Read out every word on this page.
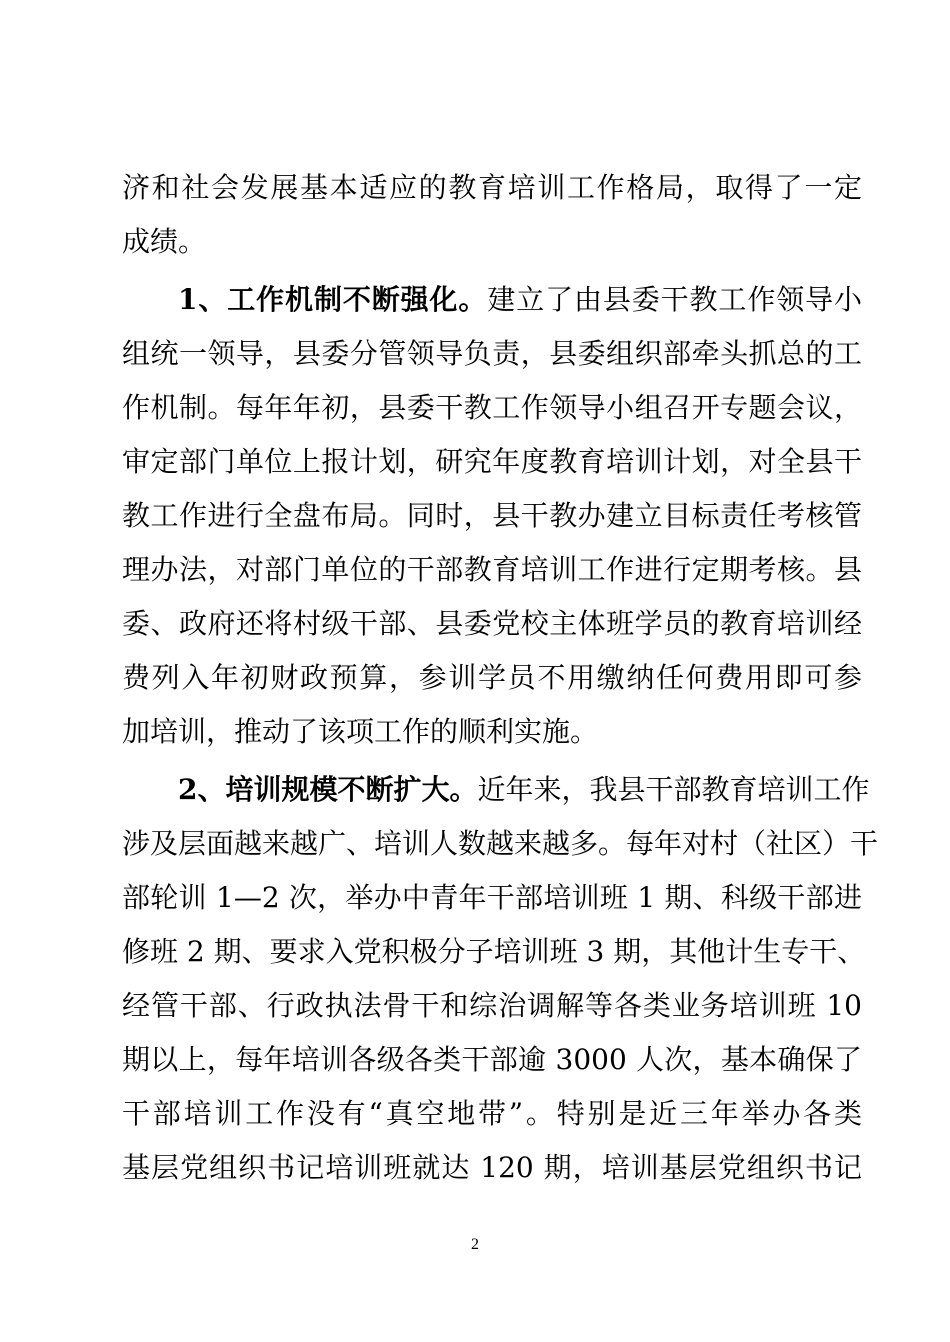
济和社会发展基本适应的教育培训工作格局，取得了一定
成绩。
1、工作机制不断强化。建立了由县委干教工作领导小
组统一领导，县委分管领导负责，县委组织部牵头抓总的工
作机制。每年年初，县委干教工作领导小组召开专题会议，
审定部门单位上报计划，研究年度教育培训计划，对全县干
教工作进行全盘布局。同时，县干教办建立目标责任考核管
理办法，对部门单位的干部教育培训工作进行定期考核。县
委、政府还将村级干部、县委党校主体班学员的教育培训经
费列入年初财政预算，参训学员不用缴纳任何费用即可参
加培训，推动了该项工作的顺利实施。
2、培训规模不断扩大。近年来，我县干部教育培训工作
涉及层面越来越广、培训人数越来越多。每年对村（社区）干
部轮训 1—2 次，举办中青年干部培训班 1 期、科级干部进
修班 2 期、要求入党积极分子培训班 3 期，其他计生专干、
经管干部、行政执法骨干和综治调解等各类业务培训班 10
期以上，每年培训各级各类干部逾 3000 人次，基本确保了
干部培训工作没有“真空地带”。特别是近三年举办各类
基层党组织书记培训班就达 120 期，培训基层党组织书记
2
